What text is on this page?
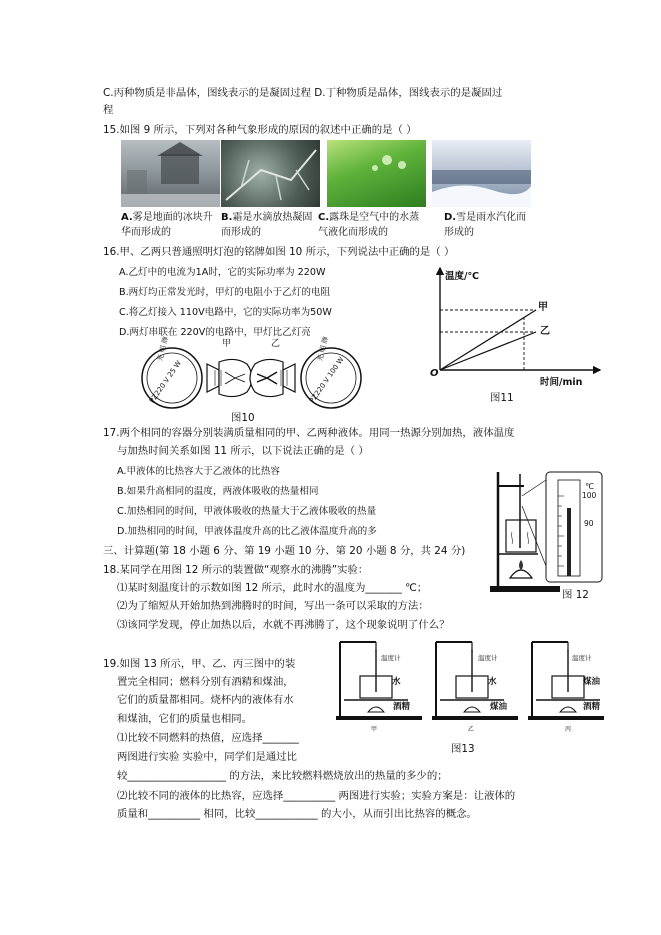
C.丙种物质是非晶体，图线表示的是凝固过程 D.丁种物质是晶体，图线表示的是凝固过
程
15.如图 9 所示，下列对各种气象形成的原因的叙述中正确的是（ ）
A.雾是地面的冰块升华而形成的
B.霜是水滴放热凝固而形成的
C.露珠是空气中的水蒸气液化而形成的
D.雪是雨水汽化而形成的
16.甲、乙两只普通照明灯泡的铭牌如图 10 所示，下列说法中正确的是（ ）
A.乙灯中的电流为1A时，它的实际功率为 220W
B.两灯均正常发光时，甲灯的电阻小于乙灯的电阻
C.将乙灯接入 110V电路中，它的实际功率为50W
D.两灯串联在 220V的电路中，甲灯比乙灯亮
甲	乙
光 明 牌
PZ220 V 25 W
光 明 牌
PZ220 V 100 W
图10
温度/℃
O
甲
乙
时间/min
图11
17.两个相同的容器分别装满质量相同的甲、乙两种液体。用同一热源分别加热，液体温度
与加热时间关系如图 11 所示，以下说法正确的是（ ）
A.甲液体的比热容大于乙液体的比热容
B.如果升高相同的温度，两液体吸收的热量相同
C.加热相同的时间，甲液体吸收的热量大于乙液体吸收的热量
D.加热相同的时间，甲液体温度升高的比乙液体温度升高的多
℃
100
90
图 12
三、计算题(第 18 小题 6 分、第 19 小题 10 分、第 20 小题 8 分，共 24 分)
18.某同学在用图 12 所示的装置做“观察水的沸腾”实验：
⑴某时刻温度计的示数如图 12 所示，此时水的温度为_______ ℃；
⑵为了缩短从开始加热到沸腾时的时间，写出一条可以采取的方法：
⑶该同学发现，停止加热以后，水就不再沸腾了，这个现象说明了什么？
19.如图 13 所示，甲、乙、丙三图中的装
置完全相同；燃料分别有酒精和煤油，
它们的质量都相同。烧杯内的液体有水
和煤油，它们的质量也相同。
⑴比较不同燃料的热值，应选择_______
两图进行实验 实验中，同学们是通过比
较___________________ 的方法，来比较燃料燃烧放出的热量的多少的；
⑵比较不同的液体的比热容，应选择__________ 两图进行实验；实验方案是：让液体的
质量和__________ 相同，比较____________ 的大小，从而引出比热容的概念。
温度计
水
酒精
甲
温度计
水
煤油
乙
温度计
煤油
酒精
丙
图13
